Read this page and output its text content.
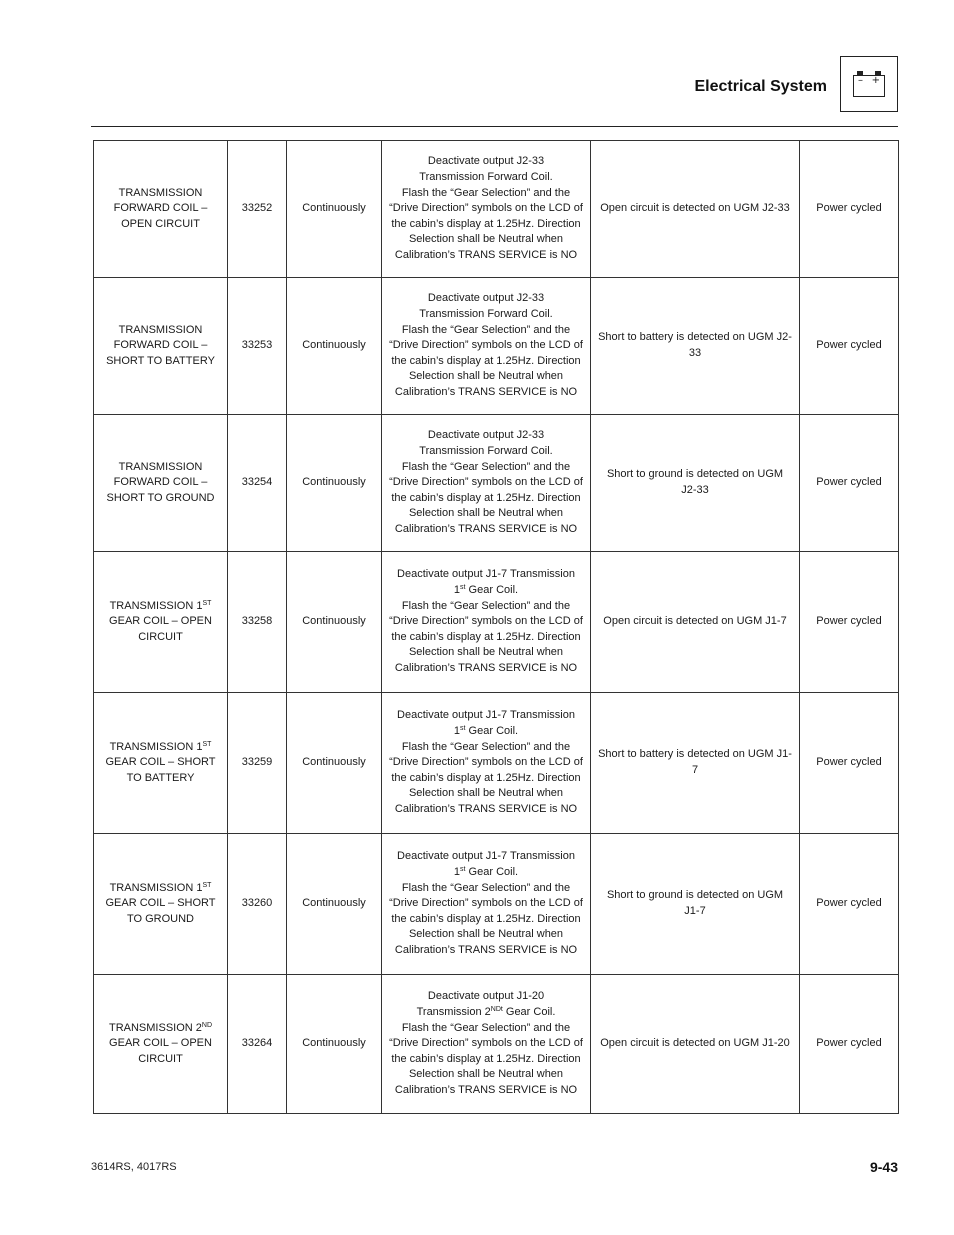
Electrical System	– +
TRANSMISSION FORWARD COIL – OPEN CIRCUIT	33252	Continuously	Deactivate output J2-33
Transmission Forward Coil.
Flash the “Gear Selection” and the “Drive Direction” symbols on the LCD of the cabin’s display at 1.25Hz. Direction Selection shall be Neutral when Calibration’s TRANS SERVICE is NO	Open circuit is detected on UGM J2-33	Power cycled
TRANSMISSION FORWARD COIL – SHORT TO BATTERY	33253	Continuously	Deactivate output J2-33
Transmission Forward Coil.
Flash the “Gear Selection” and the “Drive Direction” symbols on the LCD of the cabin’s display at 1.25Hz. Direction Selection shall be Neutral when Calibration’s TRANS SERVICE is NO	Short to battery is detected on UGM J2-33	Power cycled
TRANSMISSION FORWARD COIL – SHORT TO GROUND	33254	Continuously	Deactivate output J2-33
Transmission Forward Coil.
Flash the “Gear Selection” and the “Drive Direction” symbols on the LCD of the cabin’s display at 1.25Hz. Direction Selection shall be Neutral when Calibration’s TRANS SERVICE is NO	Short to ground is detected on UGM J2-33	Power cycled
TRANSMISSION 1ST GEAR COIL – OPEN CIRCUIT	33258	Continuously	Deactivate output J1-7 Transmission
1st Gear Coil.
Flash the “Gear Selection” and the “Drive Direction” symbols on the LCD of the cabin’s display at 1.25Hz. Direction Selection shall be Neutral when Calibration’s TRANS SERVICE is NO	Open circuit is detected on UGM J1-7	Power cycled
TRANSMISSION 1ST GEAR COIL – SHORT TO BATTERY	33259	Continuously	Deactivate output J1-7 Transmission
1st Gear Coil.
Flash the “Gear Selection” and the “Drive Direction” symbols on the LCD of the cabin’s display at 1.25Hz. Direction Selection shall be Neutral when Calibration’s TRANS SERVICE is NO	Short to battery is detected on UGM J1-7	Power cycled
TRANSMISSION 1ST GEAR COIL – SHORT TO GROUND	33260	Continuously	Deactivate output J1-7 Transmission
1st Gear Coil.
Flash the “Gear Selection” and the “Drive Direction” symbols on the LCD of the cabin’s display at 1.25Hz. Direction Selection shall be Neutral when Calibration’s TRANS SERVICE is NO	Short to ground is detected on UGM J1-7	Power cycled
TRANSMISSION 2ND GEAR COIL – OPEN CIRCUIT	33264	Continuously	Deactivate output J1-20
Transmission $2^{NDt}$ Gear Coil.
Flash the “Gear Selection” and the “Drive Direction” symbols on the LCD of the cabin’s display at 1.25Hz. Direction Selection shall be Neutral when Calibration’s TRANS SERVICE is NO	Open circuit is detected on UGM J1-20	Power cycled
3614RS, 4017RS	9-43
